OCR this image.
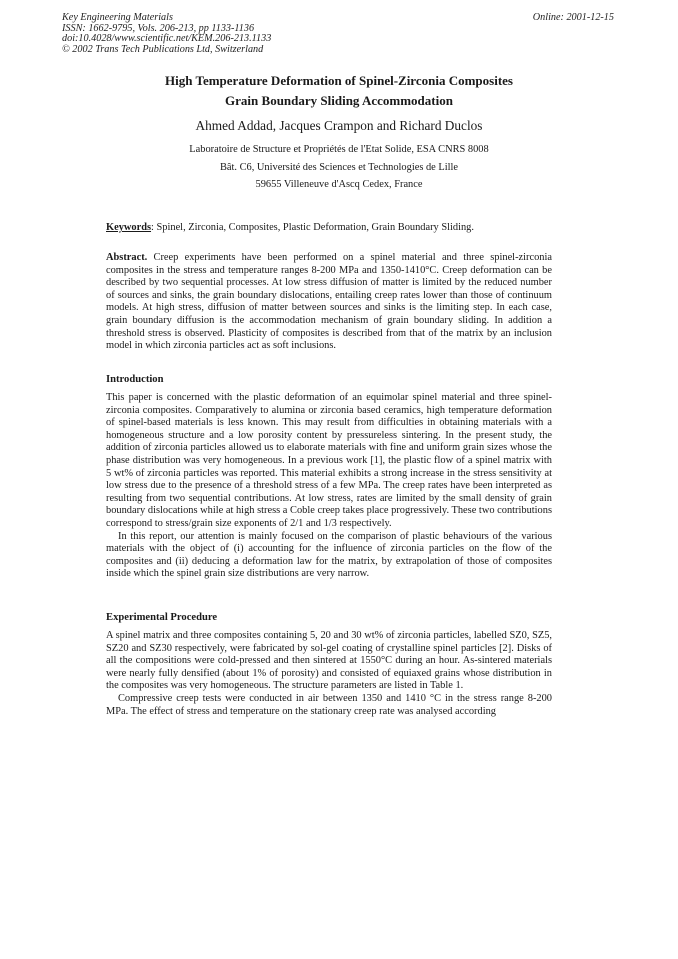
Key Engineering Materials
ISSN: 1662-9795, Vols. 206-213, pp 1133-1136
doi:10.4028/www.scientific.net/KEM.206-213.1133
© 2002 Trans Tech Publications Ltd, Switzerland
Online: 2001-12-15
High Temperature Deformation of Spinel-Zirconia Composites
Grain Boundary Sliding Accommodation
Ahmed Addad, Jacques Crampon and Richard Duclos
Laboratoire de Structure et Propriétés de l'Etat Solide, ESA CNRS 8008
Bât. C6, Université des Sciences et Technologies de Lille
59655 Villeneuve d'Ascq Cedex, France
Keywords: Spinel, Zirconia, Composites, Plastic Deformation, Grain Boundary Sliding.
Abstract. Creep experiments have been performed on a spinel material and three spinel-zirconia composites in the stress and temperature ranges 8-200 MPa and 1350-1410°C. Creep deformation can be described by two sequential processes. At low stress diffusion of matter is limited by the reduced number of sources and sinks, the grain boundary dislocations, entailing creep rates lower than those of continuum models. At high stress, diffusion of matter between sources and sinks is the limiting step. In each case, grain boundary diffusion is the accommodation mechanism of grain boundary sliding. In addition a threshold stress is observed. Plasticity of composites is described from that of the matrix by an inclusion model in which zirconia particles act as soft inclusions.
Introduction

This paper is concerned with the plastic deformation of an equimolar spinel material and three spinel-zirconia composites. Comparatively to alumina or zirconia based ceramics, high temperature deformation of spinel-based materials is less known. This may result from difficulties in obtaining materials with a homogeneous structure and a low porosity content by pressureless sintering. In the present study, the addition of zirconia particles allowed us to elaborate materials with fine and uniform grain sizes whose the phase distribution was very homogeneous. In a previous work [1], the plastic flow of a spinel matrix with 5 wt% of zirconia particles was reported. This material exhibits a strong increase in the stress sensitivity at low stress due to the presence of a threshold stress of a few MPa. The creep rates have been interpreted as resulting from two sequential contributions. At low stress, rates are limited by the small density of grain boundary dislocations while at high stress a Coble creep takes place progressively. These two contributions correspond to stress/grain size exponents of 2/1 and 1/3 respectively.

In this report, our attention is mainly focused on the comparison of plastic behaviours of the various materials with the object of (i) accounting for the influence of zirconia particles on the flow of the composites and (ii) deducing a deformation law for the matrix, by extrapolation of those of composites inside which the spinel grain size distributions are very narrow.

Experimental Procedure

A spinel matrix and three composites containing 5, 20 and 30 wt% of zirconia particles, labelled SZ0, SZ5, SZ20 and SZ30 respectively, were fabricated by sol-gel coating of crystalline spinel particles [2]. Disks of all the compositions were cold-pressed and then sintered at 1550°C during an hour. As-sintered materials were nearly fully densified (about 1% of porosity) and consisted of equiaxed grains whose distribution in the composites was very homogeneous. The structure parameters are listed in Table 1.

Compressive creep tests were conducted in air between 1350 and 1410 °C in the stress range 8-200 MPa. The effect of stress and temperature on the stationary creep rate was analysed according
